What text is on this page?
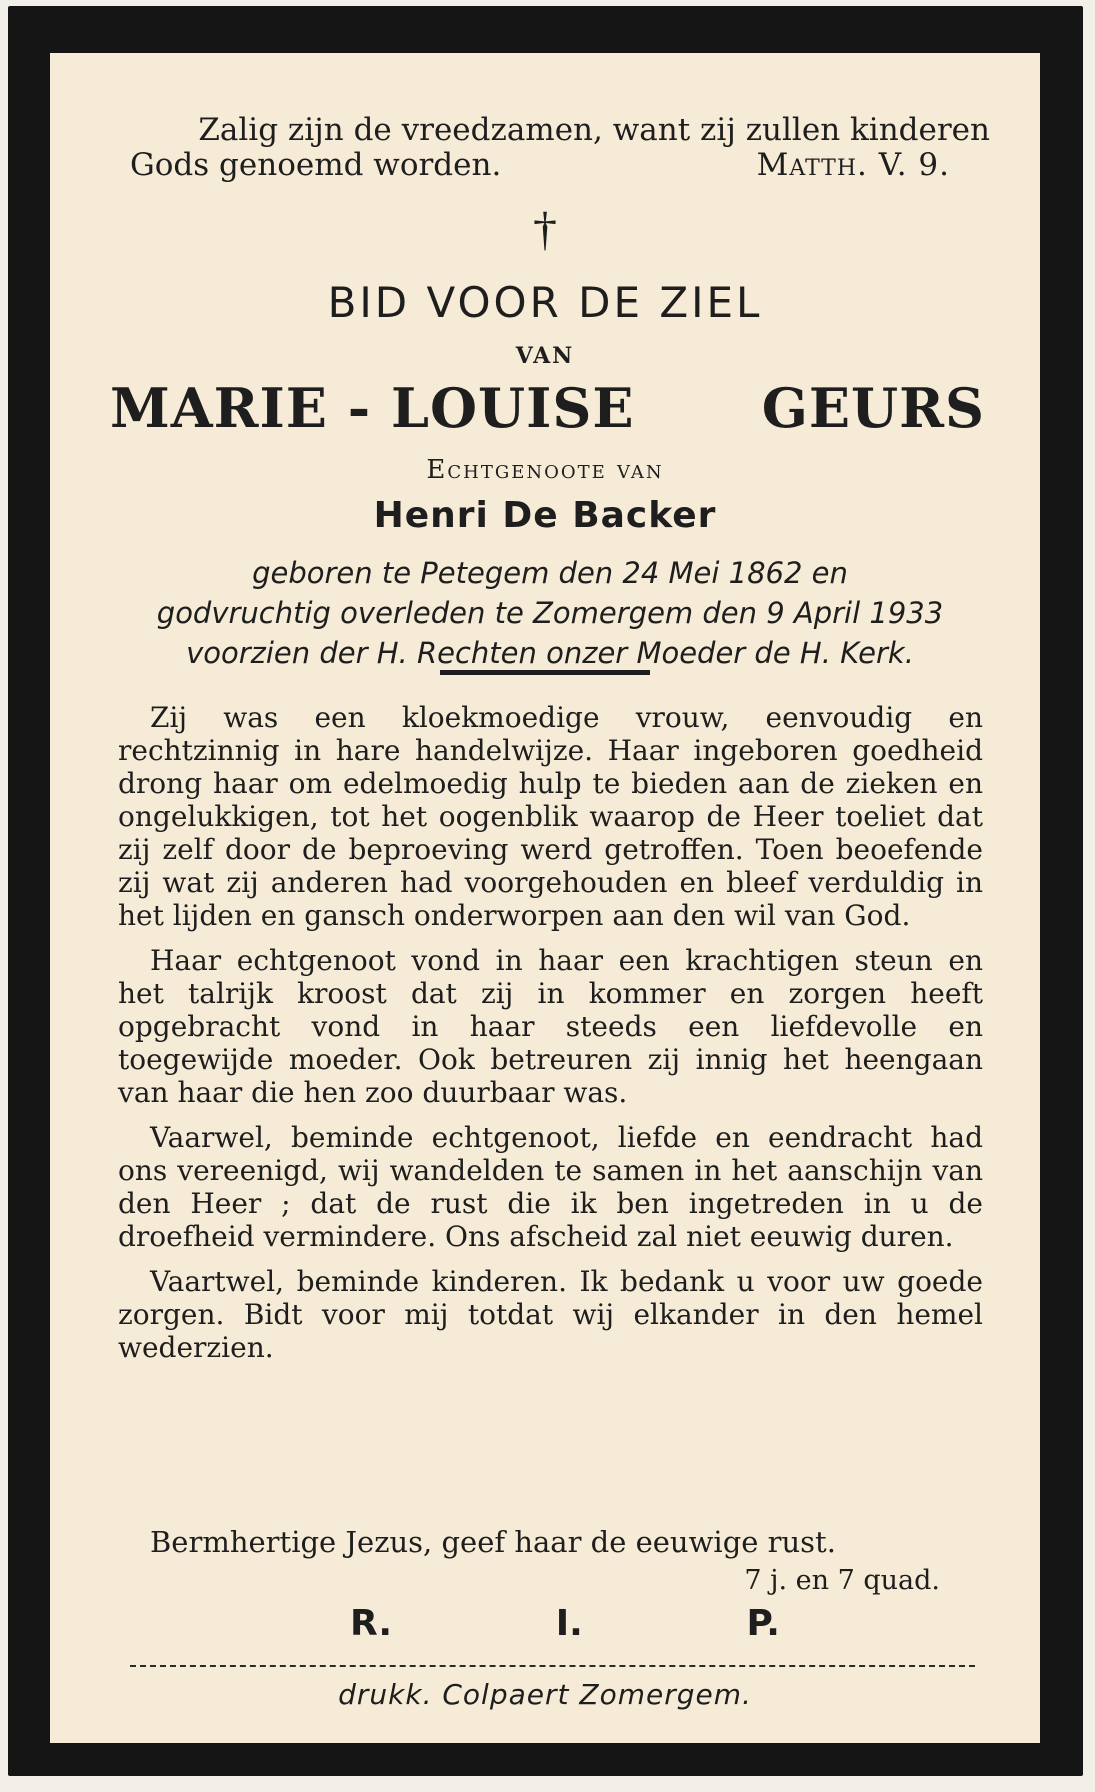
Zalig zijn de vreedzamen, want zij zullen kinderen
Gods genoemd worden.	Matth. V. 9.
†
BID VOOR DE ZIEL
VAN
MARIE - LOUISE GEURS
Echtgenoote van
Henri De Backer
geboren te Petegem den 24 Mei 1862 en
godvruchtig overleden te Zomergem den 9 April 1933
voorzien der H. Rechten onzer Moeder de H. Kerk.

Zij was een kloekmoedige vrouw, eenvoudig en rechtzinnig in hare handelwijze. Haar ingeboren goedheid drong haar om edelmoedig hulp te bieden aan de zieken en ongelukkigen, tot het oogenblik waarop de Heer toeliet dat zij zelf door de beproeving werd getroffen. Toen beoefende zij wat zij anderen had voorgehouden en bleef verduldig in het lijden en gansch onderworpen aan den wil van God.

Haar echtgenoot vond in haar een krachtigen steun en het talrijk kroost dat zij in kommer en zorgen heeft opgebracht vond in haar steeds een liefdevolle en toegewijde moeder. Ook betreuren zij innig het heengaan van haar die hen zoo duurbaar was.

Vaarwel, beminde echtgenoot, liefde en eendracht had ons vereenigd, wij wandelden te samen in het aanschijn van den Heer ; dat de rust die ik ben ingetreden in u de droefheid vermindere. Ons afscheid zal niet eeuwig duren.

Vaartwel, beminde kinderen. Ik bedank u voor uw goede zorgen. Bidt voor mij totdat wij elkander in den hemel wederzien.

Bermhertige Jezus, geef haar de eeuwige rust.
7 j. en 7 quad.
R.	I.	P.
drukk. Colpaert Zomergem.
